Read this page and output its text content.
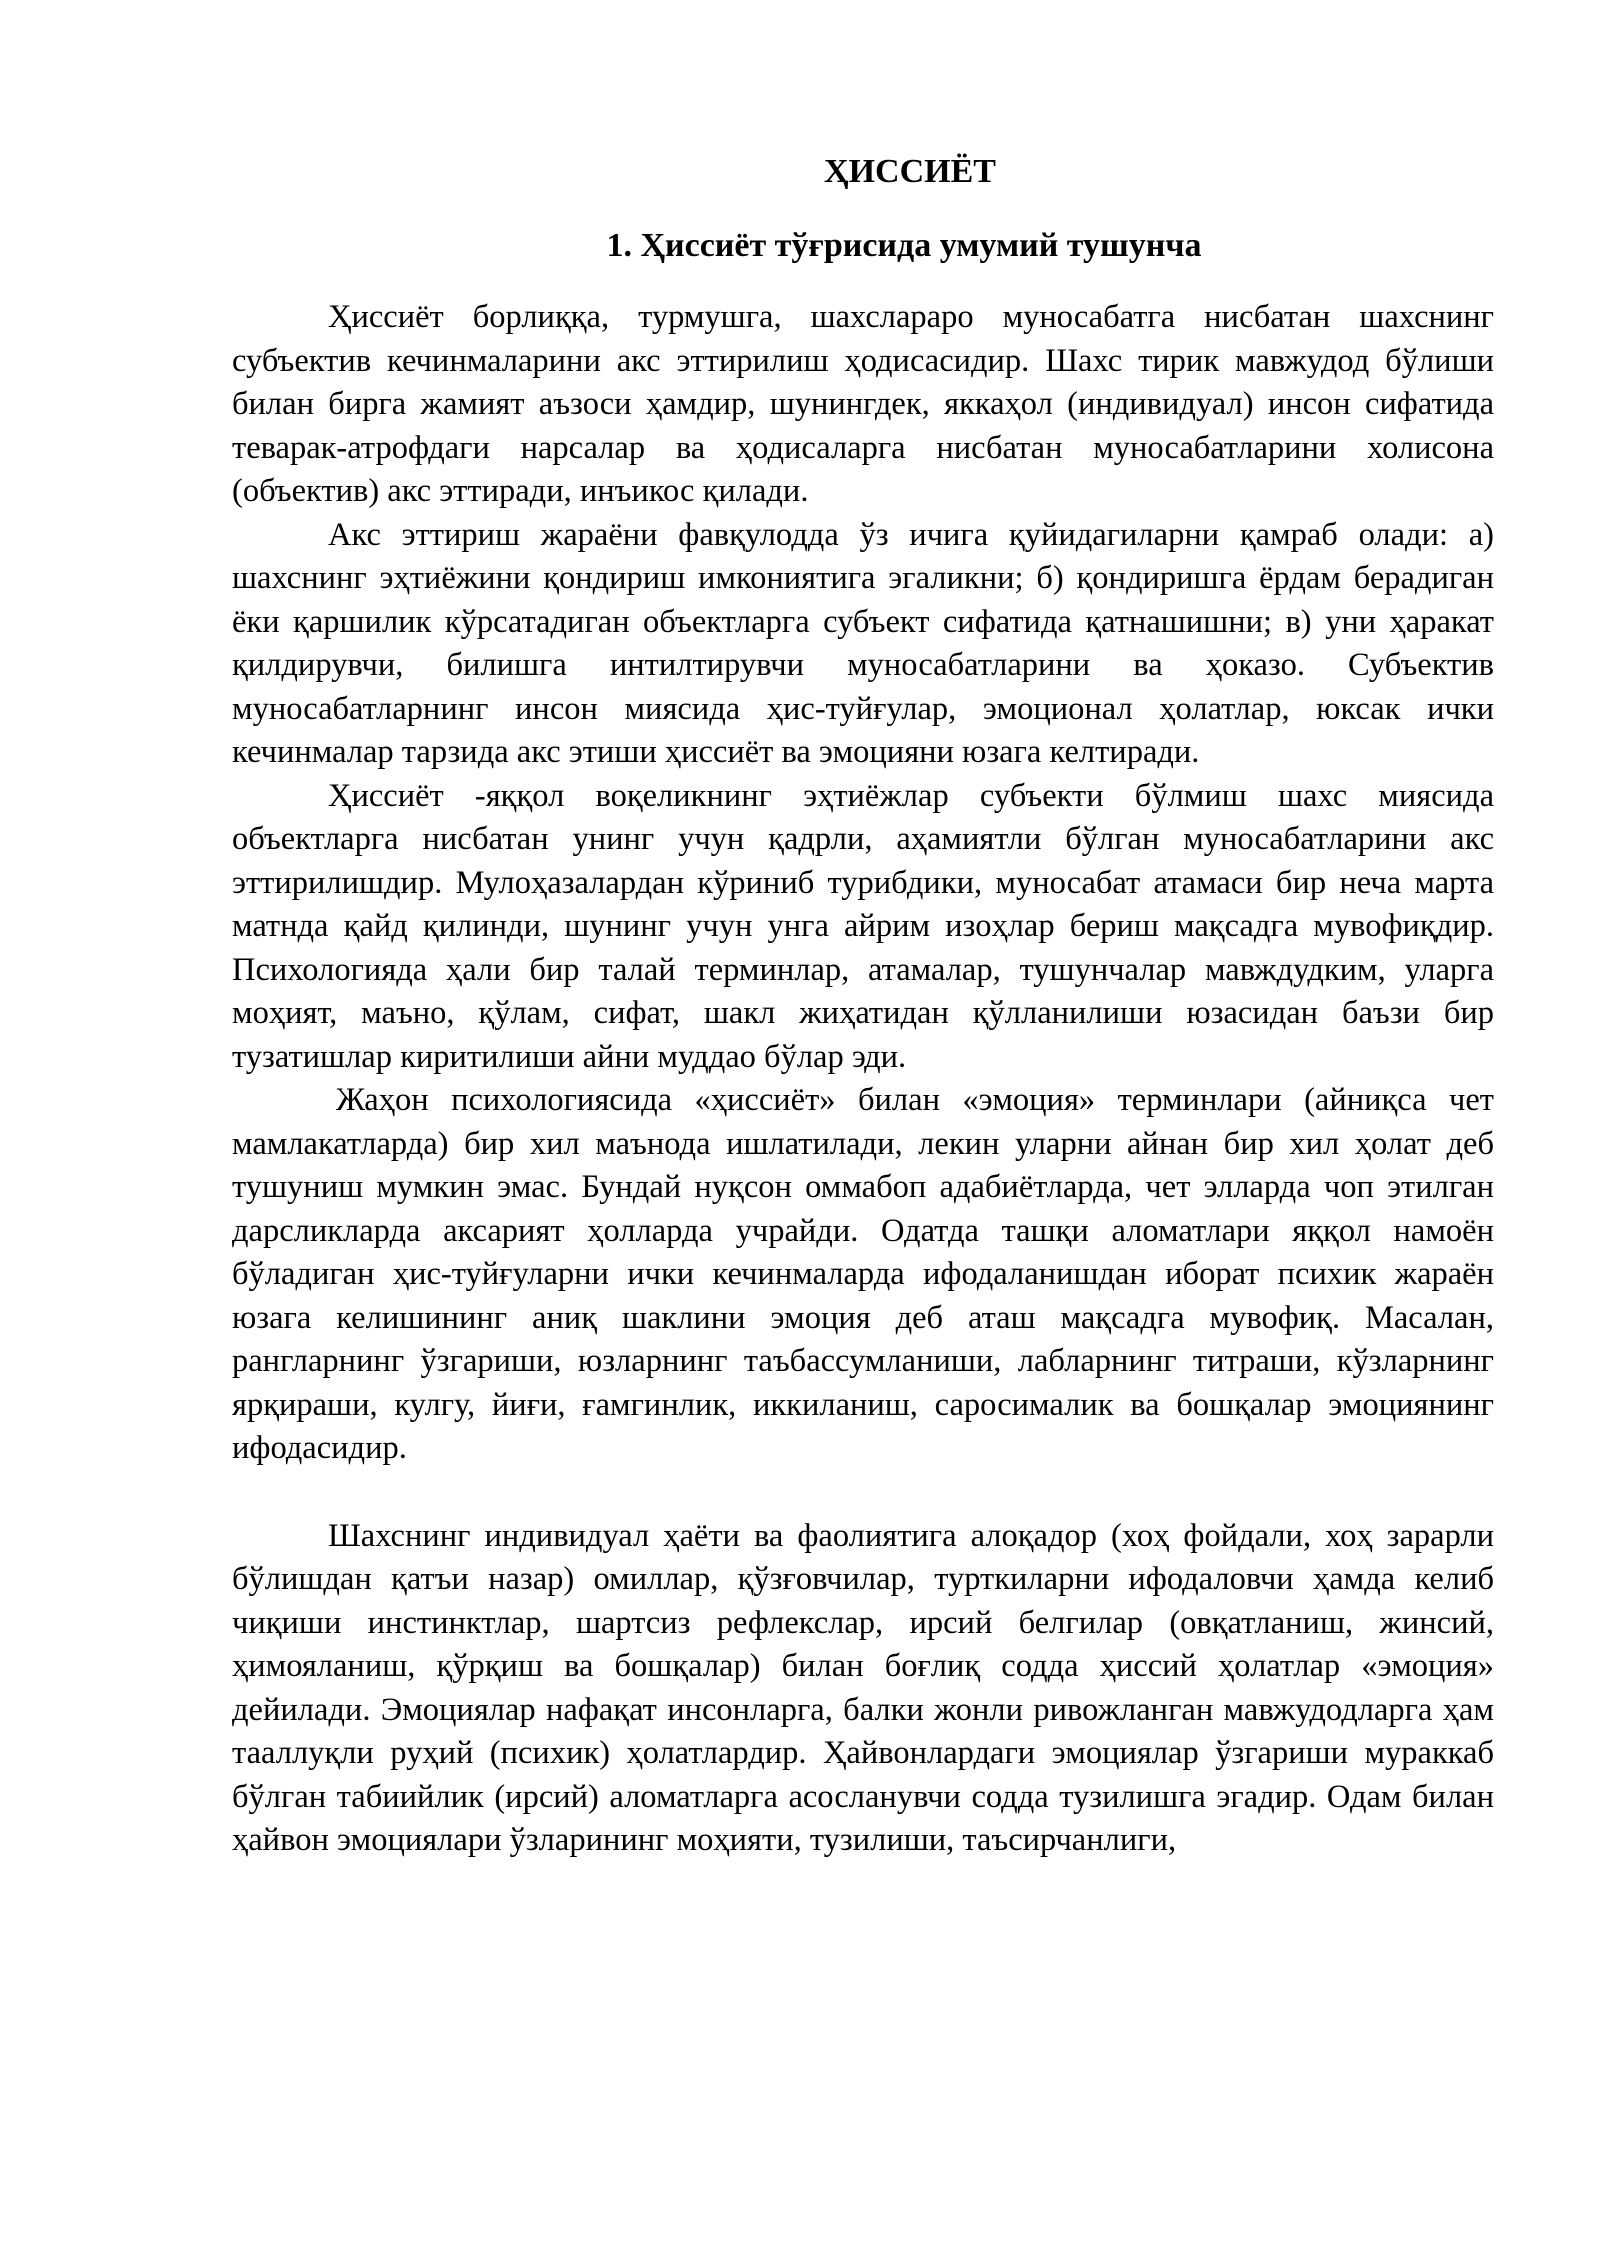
ҲИССИЁТ
1. Ҳиссиёт тўғрисида умумий тушунча

Ҳиссиёт борлиққа, турмушга, шахслараро муносабатга нисбатан шахснинг субъектив кечинмаларини акс эттирилиш ҳодисасидир. Шахс тирик мавжудод бўлиши билан бирга жамият аъзоси ҳамдир, шунингдек, яккаҳол (индивидуал) инсон сифатида теварак-атрофдаги нарсалар ва ҳодисаларга нисбатан муносабатларини холисона (объектив) акс эттиради, инъикос қилади.

Акс эттириш жараёни фавқулодда ўз ичига қуйидагиларни қамраб олади: а) шахснинг эҳтиёжини қондириш имкониятига эгаликни; б) қондиришга ёрдам берадиган ёки қаршилик кўрсатадиган объектларга субъект сифатида қатнашишни; в) уни ҳаракат қилдирувчи, билишга интилтирувчи муносабатларини ва ҳоказо. Субъектив муносабатларнинг инсон миясида ҳис-туйғулар, эмоционал ҳолатлар, юксак ички кечинмалар тарзида акс этиши ҳиссиёт ва эмоцияни юзага келтиради.

Ҳиссиёт -яққол воқеликнинг эҳтиёжлар субъекти бўлмиш шахс миясида объектларга нисбатан унинг учун қадрли, аҳамиятли бўлган муносабатларини акс эттирилишдир. Мулоҳазалардан кўриниб турибдики, муносабат атамаси бир неча марта матнда қайд қилинди, шунинг учун унга айрим изоҳлар бериш мақсадга мувофиқдир. Психологияда ҳали бир талай терминлар, атамалар, тушунчалар мавждудким, уларга моҳият, маъно, қўлам, сифат, шакл жиҳатидан қўлланилиши юзасидан баъзи бир тузатишлар киритилиши айни муддао бўлар эди.

Жаҳон психологиясида «ҳиссиёт» билан «эмоция» терминлари (айниқса чет мамлакатларда) бир хил маънода ишлатилади, лекин уларни айнан бир хил ҳолат деб тушуниш мумкин эмас. Бундай нуқсон оммабоп адабиётларда, чет элларда чоп этилган дарсликларда аксарият ҳолларда учрайди. Одатда ташқи аломатлари яққол намоён бўладиган ҳис-туйғуларни ички кечинмаларда ифодаланишдан иборат психик жараён юзага келишининг аниқ шаклини эмоция деб аташ мақсадга мувофиқ. Масалан, рангларнинг ўзгариши, юзларнинг таъбассумланиши, лабларнинг титраши, кўзларнинг ярқираши, кулгу, йиғи, ғамгинлик, иккиланиш, саросималик ва бошқалар эмоциянинг ифодасидир.

Шахснинг индивидуал ҳаёти ва фаолиятига алоқадор (хоҳ фойдали, хоҳ зарарли бўлишдан қатъи назар) омиллар, қўзғовчилар, турткиларни ифодаловчи ҳамда келиб чиқиши инстинктлар, шартсиз рефлекслар, ирсий белгилар (овқатланиш, жинсий, ҳимояланиш, қўрқиш ва бошқалар) билан боғлиқ содда ҳиссий ҳолатлар «эмоция» дейилади. Эмоциялар нафақат инсонларга, балки жонли ривожланган мавжудодларга ҳам тааллуқли руҳий (психик) ҳолатлардир. Ҳайвонлардаги эмоциялар ўзгариши мураккаб бўлган табиийлик (ирсий) аломатларга асосланувчи содда тузилишга эгадир. Одам билан ҳайвон эмоциялари ўзларининг моҳияти, тузилиши, таъсирчанлиги,
